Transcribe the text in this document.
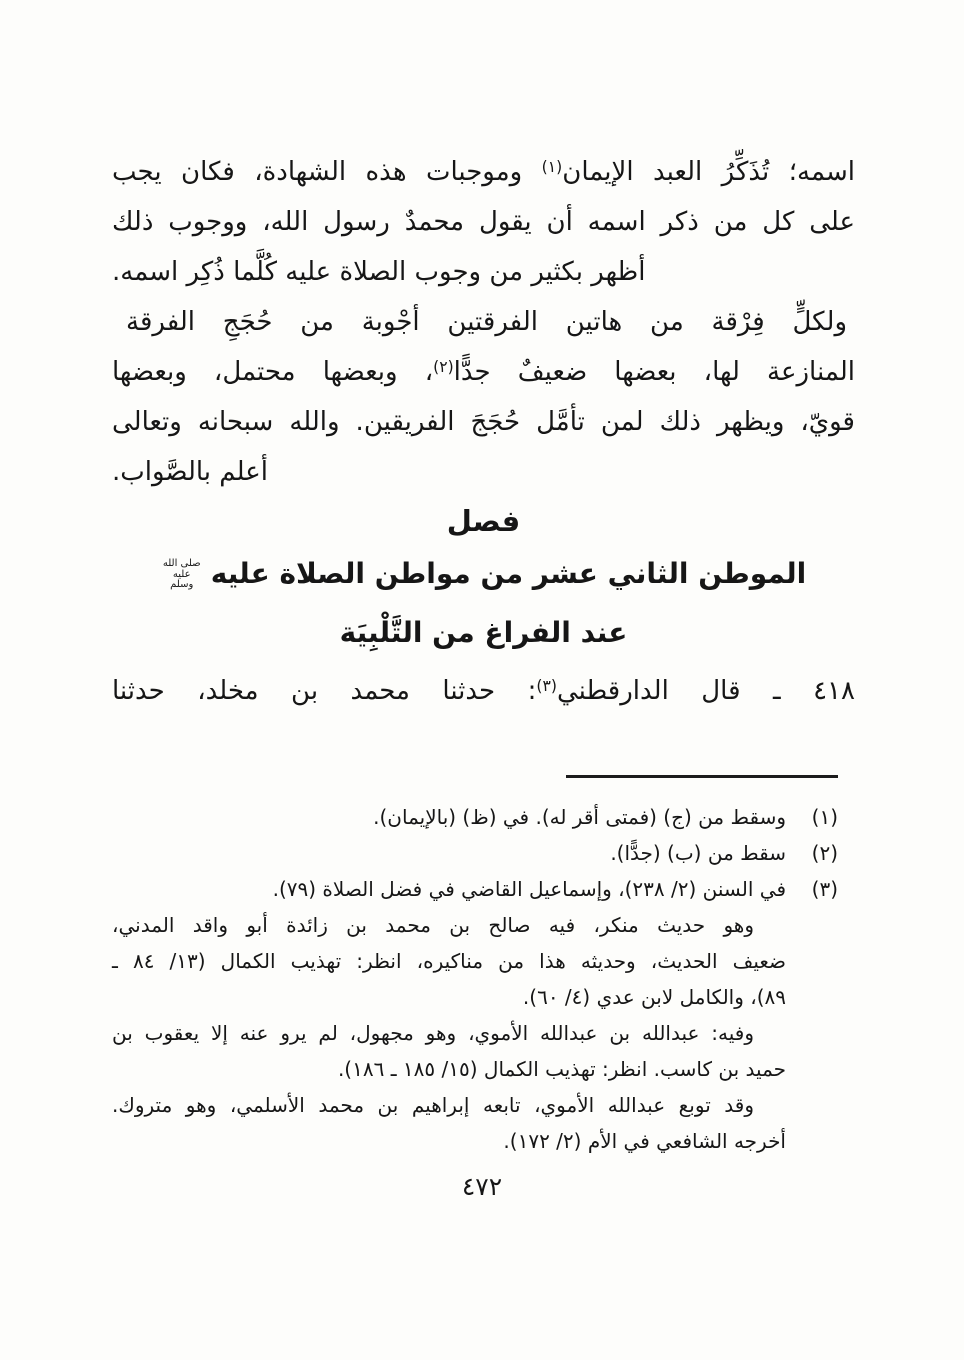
اسمه؛ تُذَكِّرُ العبد الإيمان$^{(١)}$ وموجبات هذه الشهادة، فكان يجب
على كل من ذكر اسمه أن يقول محمدٌ رسول الله، ووجوب ذلك
أظهر بكثير من وجوب الصلاة عليه كُلَّما ذُكِر اسمه.
ولكلٍّ فِرْقة من هاتين الفرقتين أجْوبة من حُجَجِ الفرقة
المنازعة لها، بعضها ضعيفٌ جدًّا$^{(٢)}$، وبعضها محتمل، وبعضها
قويّ، ويظهر ذلك لمن تأمَّل حُجَجَ الفريقين. والله سبحانه وتعالى
أعلم بالصَّواب.
فصل
الموطن الثاني عشر من مواطن الصلاة عليهصلى الله عليه وسلم
عند الفراغ من التَّلْبِيَة
٤١٨ ـ قال الدارقطني$^{(٣)}$: حدثنا محمد بن مخلد، حدثنا
(١)وسقط من (ج) (فمتى أقر له). في (ظ) (بالإيمان).
(٢)سقط من (ب) (جدًّا).
(٣)في السنن (٢/ ٢٣٨)، وإسماعيل القاضي في فضل الصلاة (٧٩).
وهو حديث منكر، فيه صالح بن محمد بن زائدة أبو واقد المدني،
ضعيف الحديث، وحديثه هذا من مناكيره، انظر: تهذيب الكمال (١٣/ ٨٤ ـ
٨٩)، والكامل لابن عدي (٤/ ٦٠).
وفيه: عبدالله بن عبدالله الأموي، وهو مجهول، لم يرو عنه إلا يعقوب بن
حميد بن كاسب. انظر: تهذيب الكمال (١٥/ ١٨٥ ـ ١٨٦).
وقد توبع عبدالله الأموي، تابعه إبراهيم بن محمد الأسلمي، وهو متروك.
أخرجه الشافعي في الأم (٢/ ١٧٢).
٤٧٢
